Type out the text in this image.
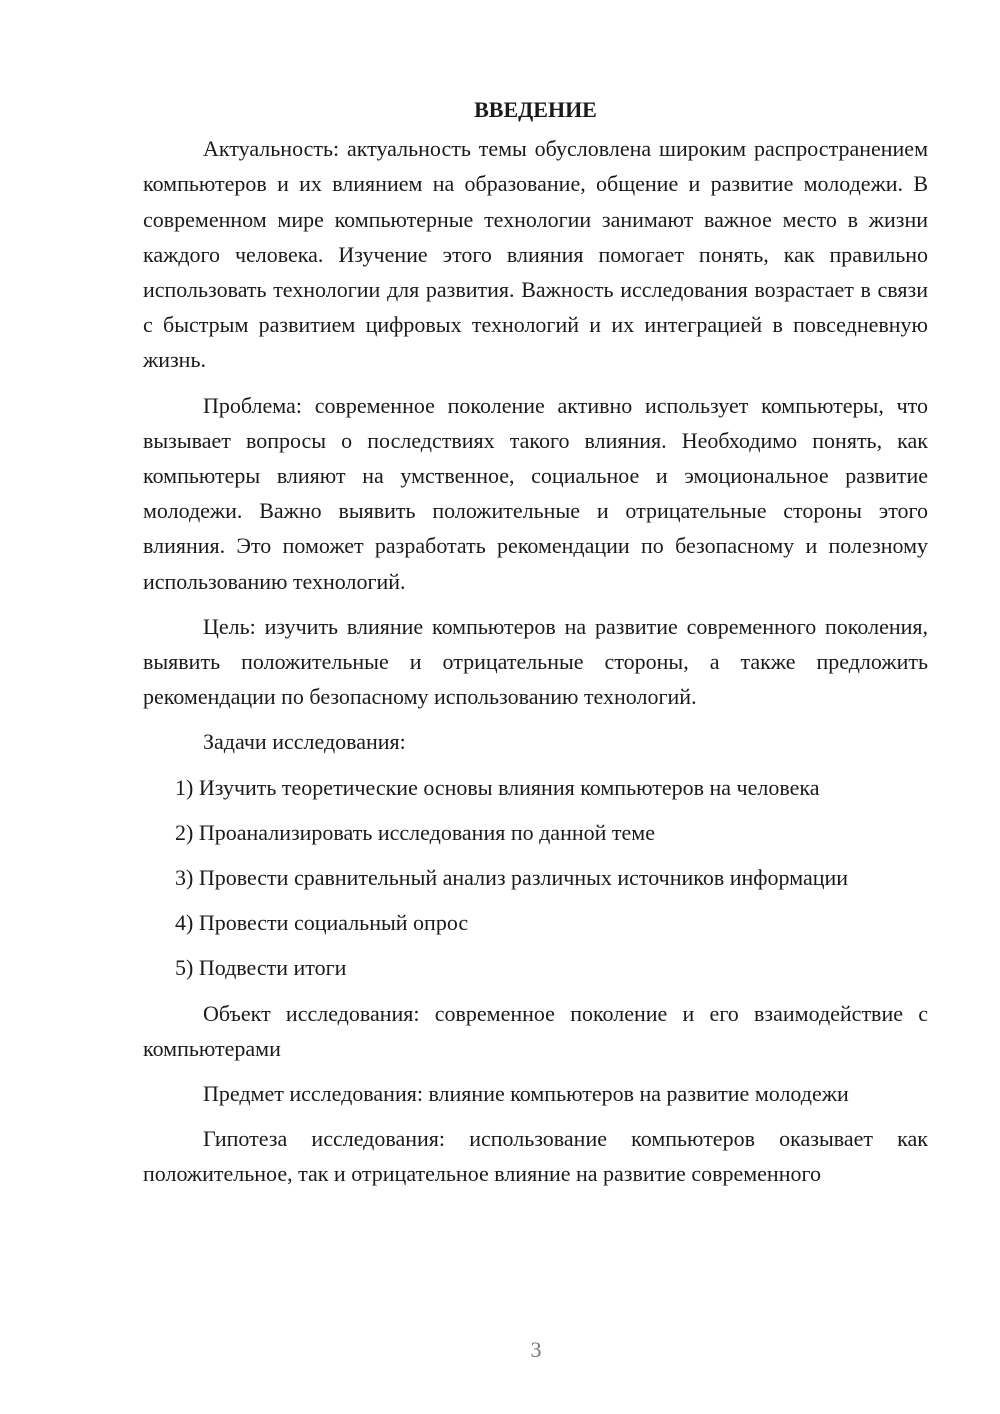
ВВЕДЕНИЕ

Актуальность: актуальность темы обусловлена широким распространением компьютеров и их влиянием на образование, общение и развитие молодежи. В современном мире компьютерные технологии занимают важное место в жизни каждого человека. Изучение этого влияния помогает понять, как правильно использовать технологии для развития. Важность исследования возрастает в связи с быстрым развитием цифровых технологий и их интеграцией в повседневную жизнь.

Проблема: современное поколение активно использует компьютеры, что вызывает вопросы о последствиях такого влияния. Необходимо понять, как компьютеры влияют на умственное, социальное и эмоциональное развитие молодежи. Важно выявить положительные и отрицательные стороны этого влияния. Это поможет разработать рекомендации по безопасному и полезному использованию технологий.

Цель: изучить влияние компьютеров на развитие современного поколения, выявить положительные и отрицательные стороны, а также предложить рекомендации по безопасному использованию технологий.

Задачи исследования:

1) Изучить теоретические основы влияния компьютеров на человека

2) Проанализировать исследования по данной теме

3) Провести сравнительный анализ различных источников информации

4) Провести социальный опрос

5) Подвести итоги

Объект исследования: современное поколение и его взаимодействие с компьютерами

Предмет исследования: влияние компьютеров на развитие молодежи

Гипотеза исследования: использование компьютеров оказывает как положительное, так и отрицательное влияние на развитие современного

3
